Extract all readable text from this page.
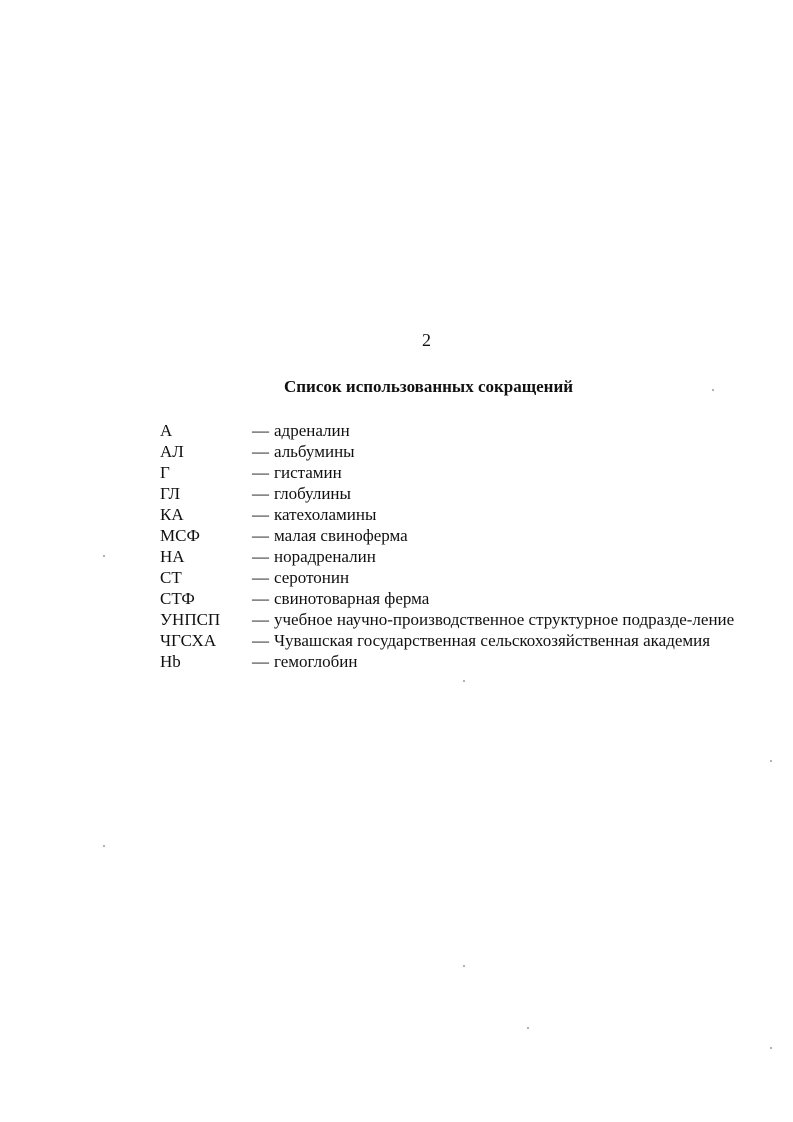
2
Список использованных сокращений
А	— адреналин
АЛ	— альбумины
Г	— гистамин
ГЛ	— глобулины
КА	— катехоламины
МСФ	— малая свиноферма
НА	— норадреналин
СТ	— серотонин
СТФ	— свинотоварная ферма
УНПСП	— учебное научно-производственное структурное подразде-ление
ЧГСХА	— Чувашская государственная сельскохозяйственная академия
Hb	— гемоглобин
